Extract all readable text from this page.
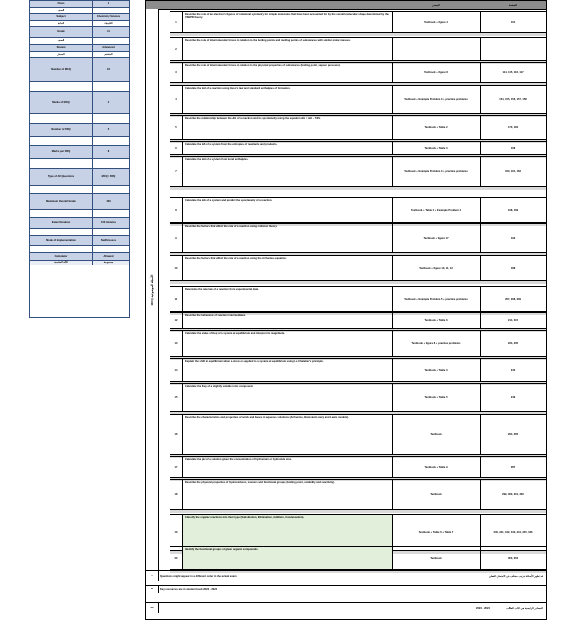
Class	1
الصف
Subject	Chemistry Science
المادة	الكيمياء
Grade	11
الصف
Stream	Advanced
المسار	المتقدم
Number of MCQ	16
Marks of MCQ	4
Number of FRQ	5
Marks per FRQ	8
Type of All Questions	MCQ / FRQ
Maximum Overall Grade	100
Exam Duration	150 minutes
Mode of Implementation	SwiftAssess
Calculator	Allowed
الآلة الحاسبة	مسموحة
المصدر	الصفحة
MCQ الأسئلة الموضوعية
1
Describe the role of an electron's figures of rotational symmetry for simple molecules that have been accounted for by the overall molecular shape determined by the VSEPR theory.
Textbook + figure 4	104
2
Describe the role of intermolecular forces in relation to the boiling points and melting points of substances with similar molar masses.
3
Describe the role of intermolecular forces in relation to the physical properties of substances (boiling point, vapour pressure).
Textbook + figure 8	114, 115, 116, 117
4
Calculate the ΔH of a reaction using Hess's law and standard enthalpies of formation.
Textbook + Example Problem 3 + practice problems	154, 155, 156, 157, 158
5
Describe the relationship between the ΔG of a reaction and its spontaneity using the equation ΔG = ΔH − TΔS.
Textbook + Table 2	170, 184
6
Calculate the ΔS of a system from the entropies of reactants and products.
Textbook + Table 3	108
7
Calculate the ΔH of a system from bond enthalpies.
Textbook + Example Problem 3 + practice problems	160, 161, 162
8
Calculate the ΔG of a system and predict the spontaneity of a reaction.
Textbook + Table 4 + Example Problem 4	168, 169
9
Describe the factors that affect the rate of a reaction using collision theory.
Textbook + figure 17	193
10
Describe the factors that affect the rate of a reaction using the Arrhenius equation.
Textbook + figure 10, 11, 12	188
11
Determine the rate law of a reaction from experimental data.
Textbook + Example Problem 5 + practice problems	207, 208, 209
12
Describe the behaviour of reaction intermediates.
Textbook + Table 6	214, 215
13
Calculate the value of Keq of a system at equilibrium and interpret its magnitude.
Textbook + figure 8 + practice problems	234, 235
14
Explain the shift in equilibrium when a stress is applied to a system at equilibrium using Le Chatelier's principle.
Textbook + Table 3	242
15
Calculate the Ksp of a slightly soluble ionic compound.
Textbook + Table 5	246
16
Describe the characteristics and properties of acids and bases in aqueous solutions (Arrhenius, Brønsted-Lowry and Lewis models).
Textbook	264, 265
17
Calculate the pH of a solution given the concentration of hydronium or hydroxide ions.
Textbook + Table 9	287
18
Describe the physical properties of hydrocarbons, isomers and functional groups (boiling point, solubility and reactivity).
Textbook	299, 300, 301, 302
19
Classify the organic reactions into their type (Substitution, Elimination, Addition, Condensation).
Textbook + Table 6 + Table 7	340, 341, 342, 343, 344, 345, 346
20
Identify the functional groups of given organic compounds.
Textbook	350, 352
*	Questions might appear in a different order in the actual exam	قد تظهر الأسئلة بترتيب مختلف في الامتحان الفعلي
**	Key resources are in student book 2023 - 2024
***	2023 - 2024	المصادر الرئيسية هي كتاب الطالب
